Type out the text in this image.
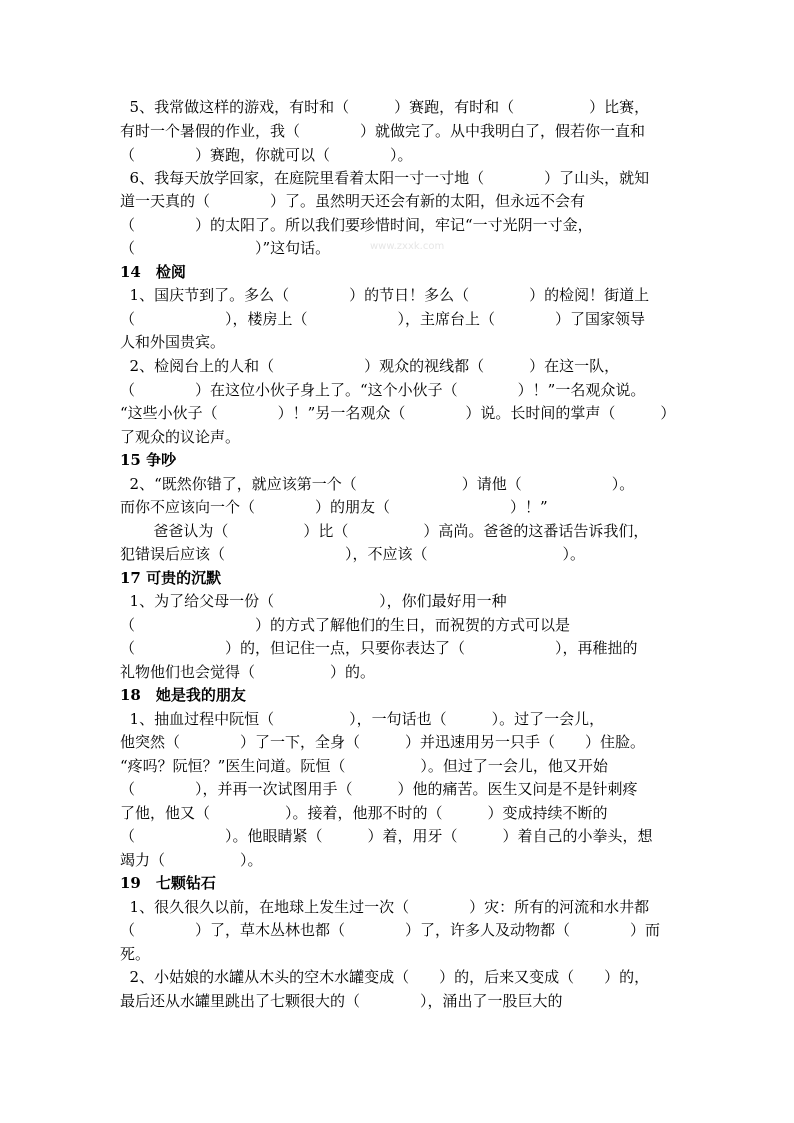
www.zxxk.com
5、我常做这样的游戏，有时和（　　　）赛跑，有时和（　　　　　）比赛，
有时一个暑假的作业，我（　　　　）就做完了。从中我明白了，假若你一直和
（　　　　）赛跑，你就可以（　　　　）。
6、我每天放学回家，在庭院里看着太阳一寸一寸地（　　　　）了山头，就知
道一天真的（　　　　）了。虽然明天还会有新的太阳，但永远不会有
（　　　　）的太阳了。所以我们要珍惜时间，牢记“一寸光阴一寸金，
（　　　　　　　　）”这句话。
14　检阅
1、国庆节到了。多么（　　　　）的节日！多么（　　　　）的检阅！街道上
（　　　　　　），楼房上（　　　　　　），主席台上（　　　　）了国家领导
人和外国贵宾。
2、检阅台上的人和（　　　　　　）观众的视线都（　　　）在这一队，
（　　　　）在这位小伙子身上了。“这个小伙子（　　　　）！”一名观众说。
“这些小伙子（　　　　）！”另一名观众（　　　　）说。长时间的掌声（　　　）
了观众的议论声。
15 争吵
2、“既然你错了，就应该第一个（　　　　　　　）请他（　　　　　　）。
而你不应该向一个（　　　　）的朋友（　　　　　　　　）！”
爸爸认为（　　　　　）比（　　　　　）高尚。爸爸的这番话告诉我们，
犯错误后应该（　　　　　　　　），不应该（　　　　　　　　　）。
17 可贵的沉默
1、为了给父母一份（　　　　　　　），你们最好用一种
（　　　　　　　　）的方式了解他们的生日，而祝贺的方式可以是
（　　　　　　）的，但记住一点，只要你表达了（　　　　　　），再稚拙的
礼物他们也会觉得（　　　　　）的。
18　她是我的朋友
1、抽血过程中阮恒（　　　　　），一句话也（　　　）。过了一会儿，
他突然（　　　　）了一下，全身（　　　）并迅速用另一只手（　　）住脸。
“疼吗？阮恒？”医生问道。阮恒（　　　　　）。但过了一会儿，他又开始
（　　　　），并再一次试图用手（　　　）他的痛苦。医生又问是不是针刺疼
了他，他又（　　　　　）。接着，他那不时的（　　　）变成持续不断的
（　　　　　　）。他眼睛紧（　　　）着，用牙（　　　）着自己的小拳头，想
竭力（　　　　　）。
19　七颗钻石
1、很久很久以前，在地球上发生过一次（　　　　）灾：所有的河流和水井都
（　　　　）了，草木丛林也都（　　　　）了，许多人及动物都（　　　　）而
死。
2、小姑娘的水罐从木头的空木水罐变成（　　）的，后来又变成（　　）的，
最后还从水罐里跳出了七颗很大的（　　　　），涌出了一股巨大的
